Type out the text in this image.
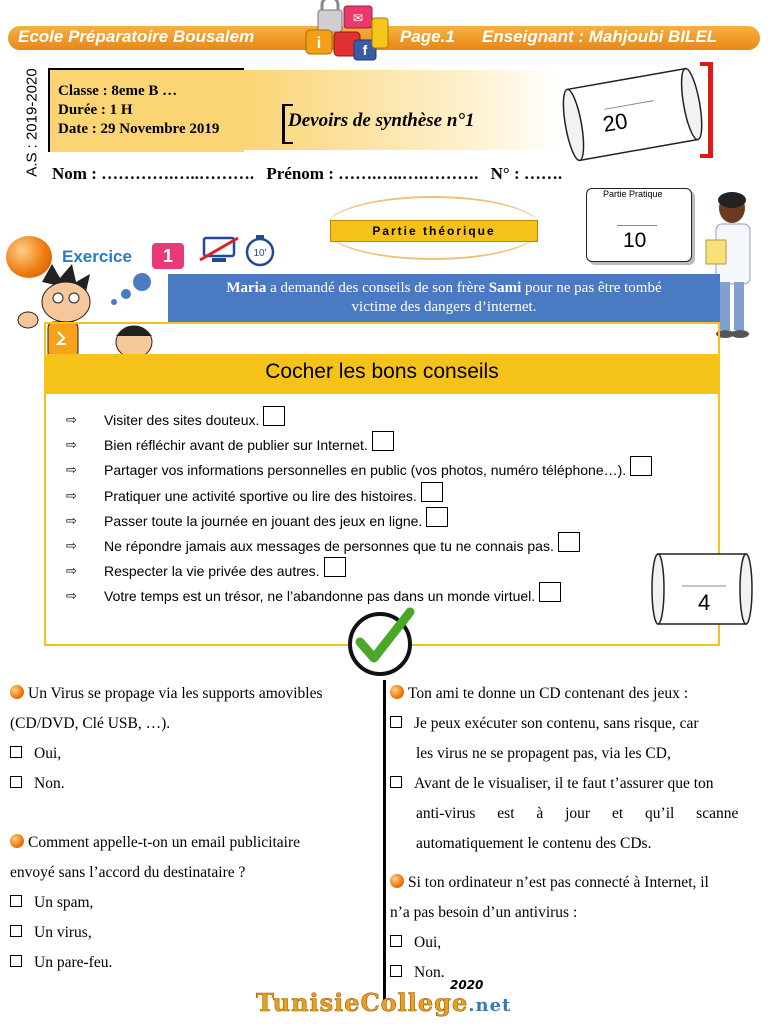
Ecole Préparatoire Bousalem	Page.1 Enseignant : Mahjoubi BILEL
✉
i	f
A.S : 2019-2020	Classe : 8eme B …
Durée : 1 H
Date : 29 Novembre 2019	Devoirs de synthèse n°1	20
Nom : ………….…..………. Prénom : …….…..….………. N° : …….
Partie Pratique
10
Partie théorique
Exercice	1	10'
Maria a demandé des conseils de son frère Sami pour ne pas être tombé
victime des dangers d’internet.
Cocher les bons conseils
⇨ Visiter des sites douteux.
⇨ Bien réfléchir avant de publier sur Internet.
⇨ Partager vos informations personnelles en public (vos photos, numéro téléphone…).
⇨ Pratiquer une activité sportive ou lire des histoires.
⇨ Passer toute la journée en jouant des jeux en ligne.
⇨ Ne répondre jamais aux messages de personnes que tu ne connais pas.
⇨ Respecter la vie privée des autres.
⇨ Votre temps est un trésor, ne l’abandonne pas dans un monde virtuel.	4
Un Virus se propage via les supports amovibles
(CD/DVD, Clé USB, …).
Oui,
Non.
Comment appelle-t-on un email publicitaire
envoyé sans l’accord du destinataire ?
Un spam,
Un virus,
Un pare-feu.
Ton ami te donne un CD contenant des jeux :
Je peux exécuter son contenu, sans risque, car
les virus ne se propagent pas, via les CD,
Avant de le visualiser, il te faut t’assurer que ton
anti-virus est à jour et qu’il scanne
automatiquement le contenu des CDs.
Si ton ordinateur n’est pas connecté à Internet, il
n’a pas besoin d’un antivirus :
Oui,
Non.
TunisieCollege.net
2020
